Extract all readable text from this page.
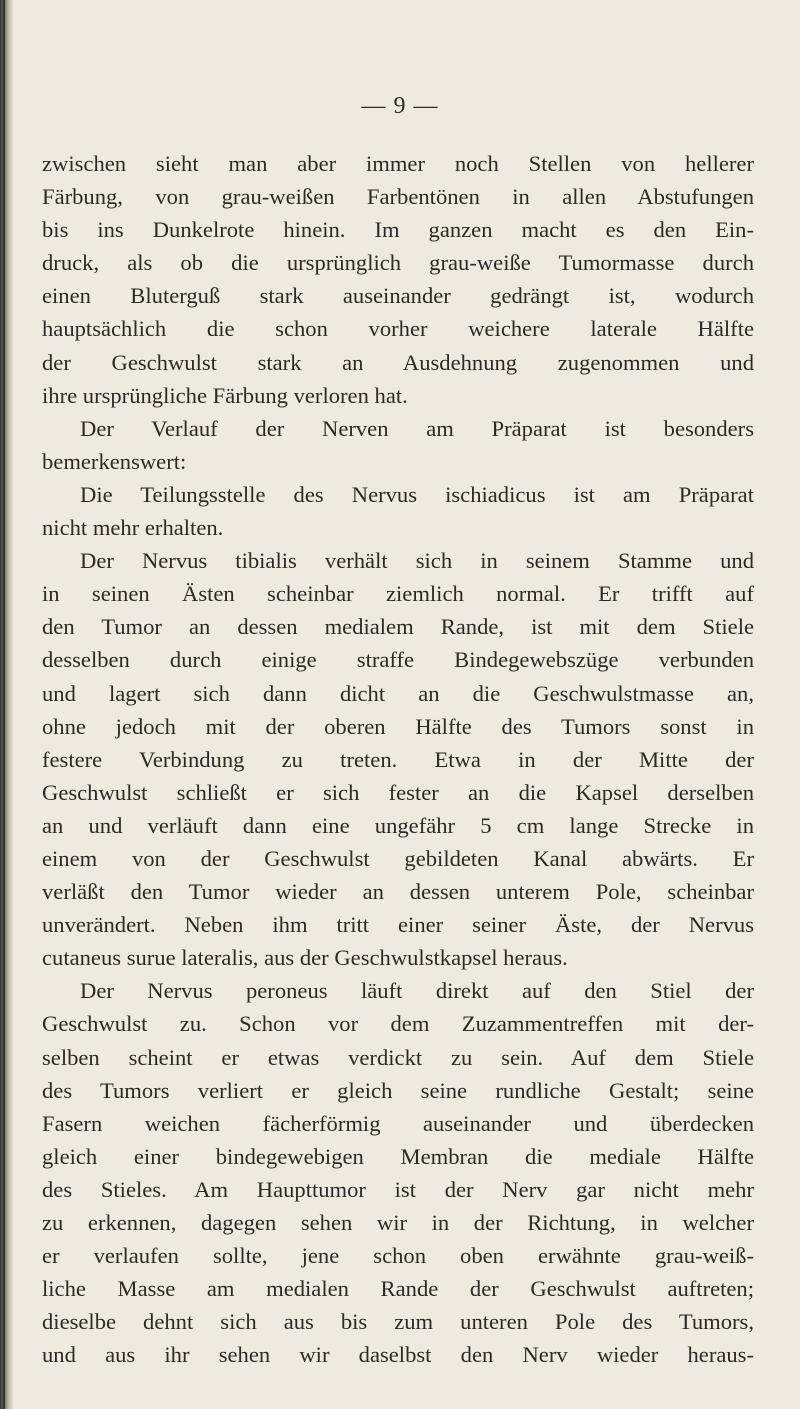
— 9 —
zwischen sieht man aber immer noch Stellen von hellerer
Färbung, von grau-weißen Farbentönen in allen Abstufungen
bis ins Dunkelrote hinein. Im ganzen macht es den Ein-
druck, als ob die ursprünglich grau-weiße Tumormasse durch
einen Bluterguß stark auseinander gedrängt ist, wodurch
hauptsächlich die schon vorher weichere laterale Hälfte
der Geschwulst stark an Ausdehnung zugenommen und
ihre ursprüngliche Färbung verloren hat.
Der Verlauf der Nerven am Präparat ist besonders
bemerkenswert:
Die Teilungsstelle des Nervus ischiadicus ist am Präparat
nicht mehr erhalten.
Der Nervus tibialis verhält sich in seinem Stamme und
in seinen Ästen scheinbar ziemlich normal. Er trifft auf
den Tumor an dessen medialem Rande, ist mit dem Stiele
desselben durch einige straffe Bindegewebszüge verbunden
und lagert sich dann dicht an die Geschwulstmasse an,
ohne jedoch mit der oberen Hälfte des Tumors sonst in
festere Verbindung zu treten. Etwa in der Mitte der
Geschwulst schließt er sich fester an die Kapsel derselben
an und verläuft dann eine ungefähr 5 cm lange Strecke in
einem von der Geschwulst gebildeten Kanal abwärts. Er
verläßt den Tumor wieder an dessen unterem Pole, scheinbar
unverändert. Neben ihm tritt einer seiner Äste, der Nervus
cutaneus surue lateralis, aus der Geschwulstkapsel heraus.
Der Nervus peroneus läuft direkt auf den Stiel der
Geschwulst zu. Schon vor dem Zuzammentreffen mit der-
selben scheint er etwas verdickt zu sein. Auf dem Stiele
des Tumors verliert er gleich seine rundliche Gestalt; seine
Fasern weichen fächerförmig auseinander und überdecken
gleich einer bindegewebigen Membran die mediale Hälfte
des Stieles. Am Haupttumor ist der Nerv gar nicht mehr
zu erkennen, dagegen sehen wir in der Richtung, in welcher
er verlaufen sollte, jene schon oben erwähnte grau-weiß-
liche Masse am medialen Rande der Geschwulst auftreten;
dieselbe dehnt sich aus bis zum unteren Pole des Tumors,
und aus ihr sehen wir daselbst den Nerv wieder heraus-
